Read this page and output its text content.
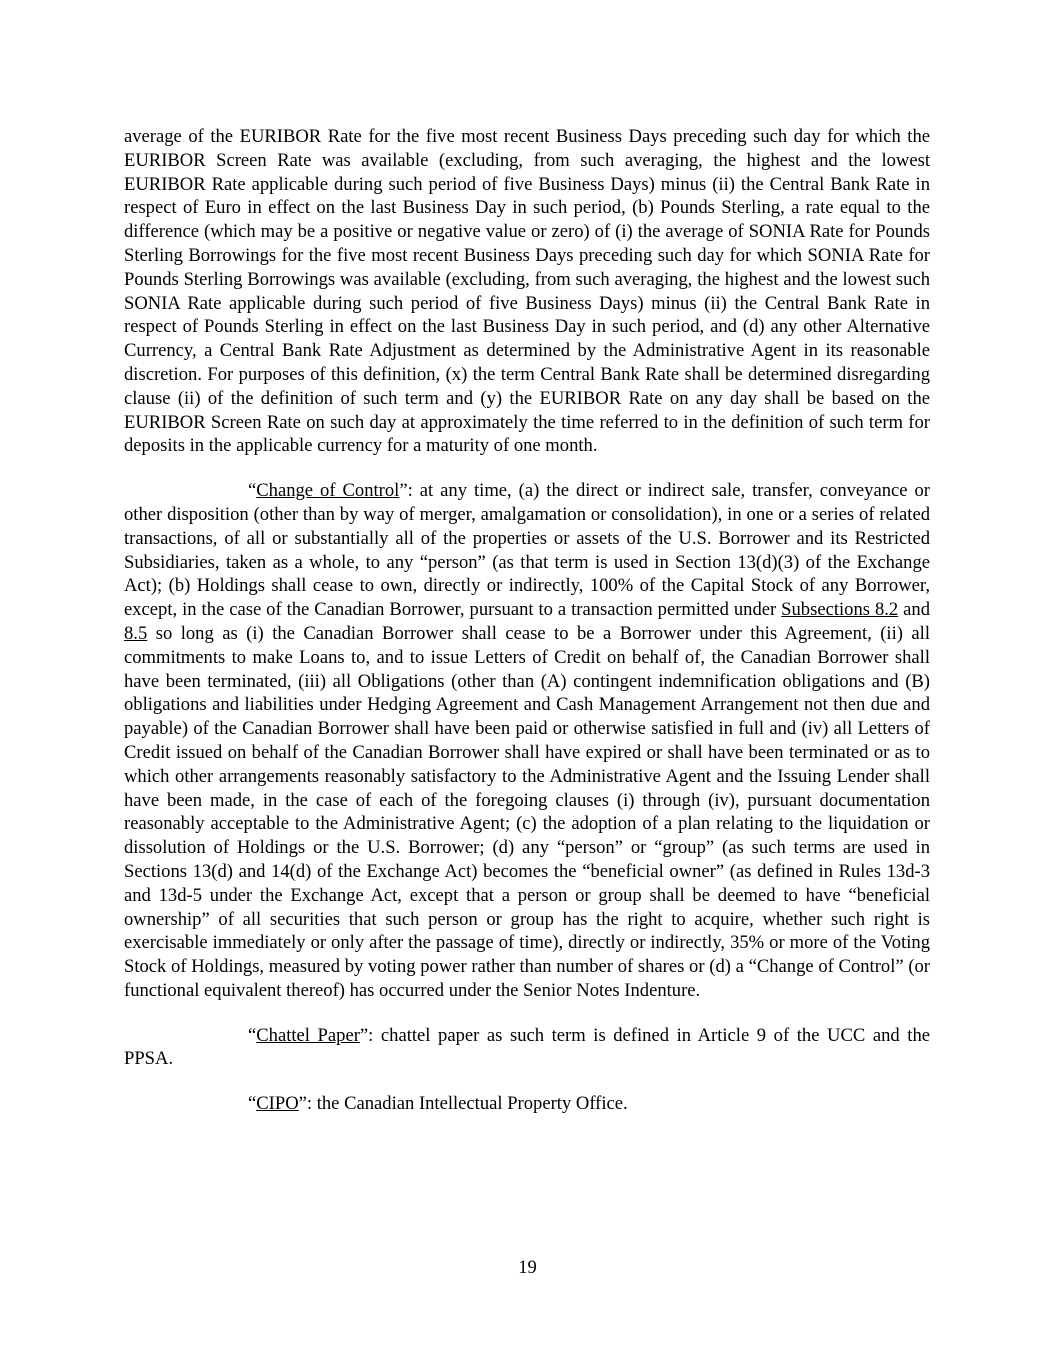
average of the EURIBOR Rate for the five most recent Business Days preceding such day for which the EURIBOR Screen Rate was available (excluding, from such averaging, the highest and the lowest EURIBOR Rate applicable during such period of five Business Days) minus (ii) the Central Bank Rate in respect of Euro in effect on the last Business Day in such period, (b) Pounds Sterling, a rate equal to the difference (which may be a positive or negative value or zero) of (i) the average of SONIA Rate for Pounds Sterling Borrowings for the five most recent Business Days preceding such day for which SONIA Rate for Pounds Sterling Borrowings was available (excluding, from such averaging, the highest and the lowest such SONIA Rate applicable during such period of five Business Days) minus (ii) the Central Bank Rate in respect of Pounds Sterling in effect on the last Business Day in such period, and (d) any other Alternative Currency, a Central Bank Rate Adjustment as determined by the Administrative Agent in its reasonable discretion. For purposes of this definition, (x) the term Central Bank Rate shall be determined disregarding clause (ii) of the definition of such term and (y) the EURIBOR Rate on any day shall be based on the EURIBOR Screen Rate on such day at approximately the time referred to in the definition of such term for deposits in the applicable currency for a maturity of one month.

“Change of Control”: at any time, (a) the direct or indirect sale, transfer, conveyance or other disposition (other than by way of merger, amalgamation or consolidation), in one or a series of related transactions, of all or substantially all of the properties or assets of the U.S. Borrower and its Restricted Subsidiaries, taken as a whole, to any “person” (as that term is used in Section 13(d)(3) of the Exchange Act); (b) Holdings shall cease to own, directly or indirectly, 100% of the Capital Stock of any Borrower, except, in the case of the Canadian Borrower, pursuant to a transaction permitted under Subsections 8.2 and 8.5 so long as (i) the Canadian Borrower shall cease to be a Borrower under this Agreement, (ii) all commitments to make Loans to, and to issue Letters of Credit on behalf of, the Canadian Borrower shall have been terminated, (iii) all Obligations (other than (A) contingent indemnification obligations and (B) obligations and liabilities under Hedging Agreement and Cash Management Arrangement not then due and payable) of the Canadian Borrower shall have been paid or otherwise satisfied in full and (iv) all Letters of Credit issued on behalf of the Canadian Borrower shall have expired or shall have been terminated or as to which other arrangements reasonably satisfactory to the Administrative Agent and the Issuing Lender shall have been made, in the case of each of the foregoing clauses (i) through (iv), pursuant documentation reasonably acceptable to the Administrative Agent; (c) the adoption of a plan relating to the liquidation or dissolution of Holdings or the U.S. Borrower; (d) any “person” or “group” (as such terms are used in Sections 13(d) and 14(d) of the Exchange Act) becomes the “beneficial owner” (as defined in Rules 13d-3 and 13d-5 under the Exchange Act, except that a person or group shall be deemed to have “beneficial ownership” of all securities that such person or group has the right to acquire, whether such right is exercisable immediately or only after the passage of time), directly or indirectly, 35% or more of the Voting Stock of Holdings, measured by voting power rather than number of shares or (d) a “Change of Control” (or functional equivalent thereof) has occurred under the Senior Notes Indenture.

“Chattel Paper”: chattel paper as such term is defined in Article 9 of the UCC and the PPSA.

“CIPO”: the Canadian Intellectual Property Office.

19
